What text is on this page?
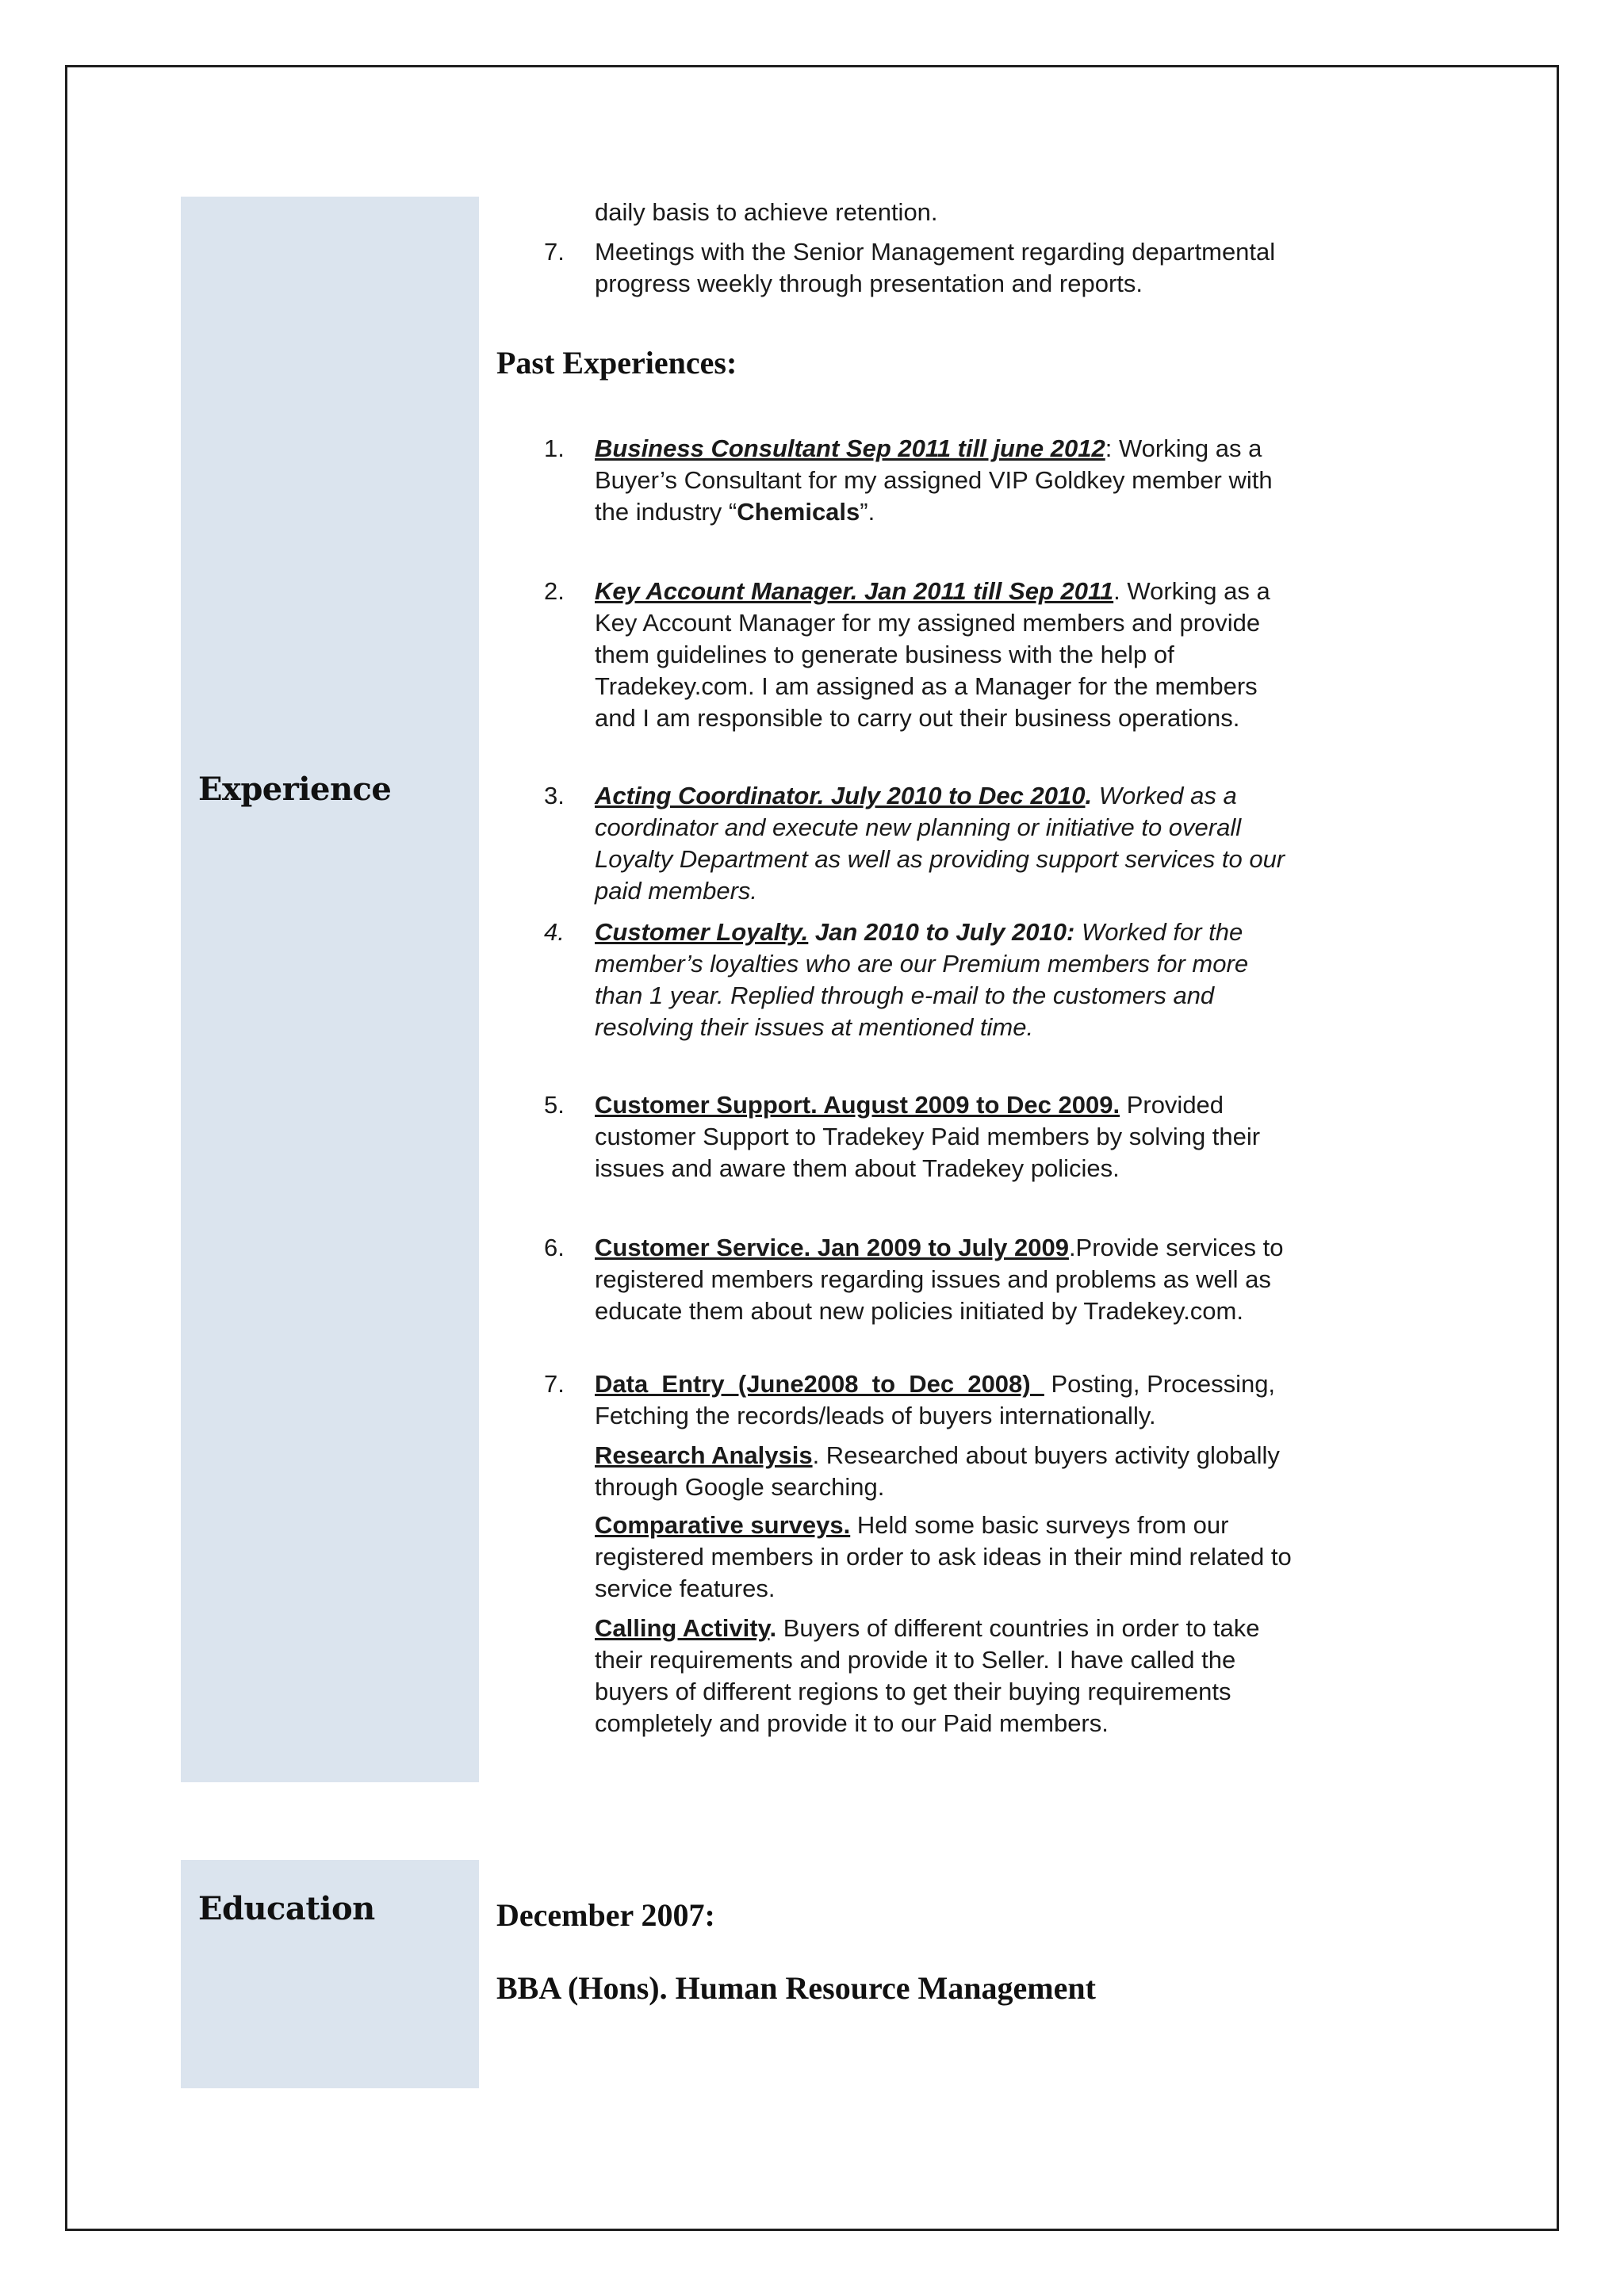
Experience
Education
daily basis to achieve retention.
7. Meetings with the Senior Management regarding departmental
progress weekly through presentation and reports.
Past Experiences:
1. Business Consultant Sep 2011 till june 2012: Working as a
Buyer’s Consultant for my assigned VIP Goldkey member with
the industry “Chemicals”.
2. Key Account Manager. Jan 2011 till Sep 2011. Working as a
Key Account Manager for my assigned members and provide
them guidelines to generate business with the help of
Tradekey.com. I am assigned as a Manager for the members
and I am responsible to carry out their business operations.
3. Acting Coordinator. July 2010 to Dec 2010. Worked as a
coordinator and execute new planning or initiative to overall
Loyalty Department as well as providing support services to our
paid members.
4. Customer Loyalty. Jan 2010 to July 2010: Worked for the
member’s loyalties who are our Premium members for more
than 1 year. Replied through e-mail to the customers and
resolving their issues at mentioned time.
5. Customer Support. August 2009 to Dec 2009. Provided
customer Support to Tradekey Paid members by solving their
issues and aware them about Tradekey policies.
6. Customer Service. Jan 2009 to July 2009.Provide services to
registered members regarding issues and problems as well as
educate them about new policies initiated by Tradekey.com.
7. Data  Entry  (June2008  to  Dec  2008)   Posting, Processing,
Fetching the records/leads of buyers internationally.
Research Analysis. Researched about buyers activity globally
through Google searching.
Comparative surveys. Held some basic surveys from our
registered members in order to ask ideas in their mind related to
service features.
Calling Activity. Buyers of different countries in order to take
their requirements and provide it to Seller. I have called the
buyers of different regions to get their buying requirements
completely and provide it to our Paid members.
December 2007:
BBA (Hons). Human Resource Management
